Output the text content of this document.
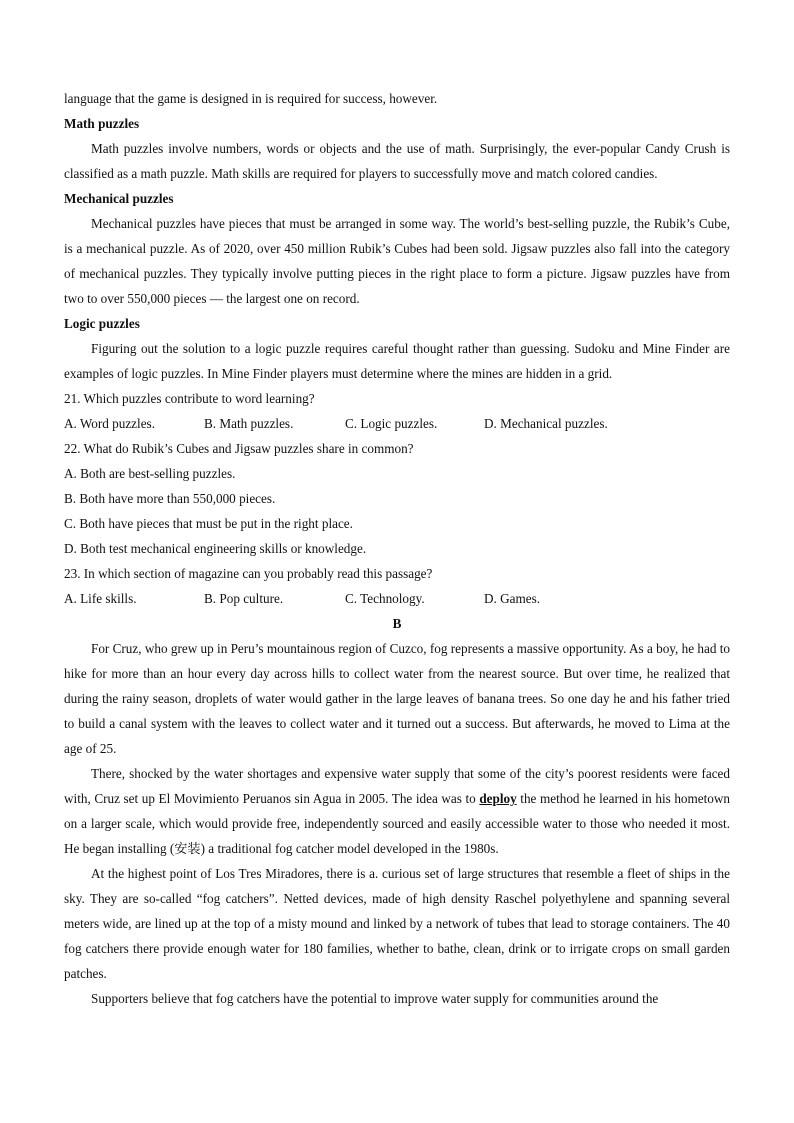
language that the game is designed in is required for success, however.
Math puzzles
Math puzzles involve numbers, words or objects and the use of math. Surprisingly, the ever-popular Candy Crush is classified as a math puzzle. Math skills are required for players to successfully move and match colored candies.
Mechanical puzzles
Mechanical puzzles have pieces that must be arranged in some way. The world’s best-selling puzzle, the Rubik’s Cube, is a mechanical puzzle. As of 2020, over 450 million Rubik’s Cubes had been sold. Jigsaw puzzles also fall into the category of mechanical puzzles. They typically involve putting pieces in the right place to form a picture. Jigsaw puzzles have from two to over 550,000 pieces — the largest one on record.
Logic puzzles
Figuring out the solution to a logic puzzle requires careful thought rather than guessing. Sudoku and Mine Finder are examples of logic puzzles. In Mine Finder players must determine where the mines are hidden in a grid.
21. Which puzzles contribute to word learning?
A. Word puzzles.	B. Math puzzles.	C. Logic puzzles.	D. Mechanical puzzles.
22. What do Rubik’s Cubes and Jigsaw puzzles share in common?
A. Both are best-selling puzzles.
B. Both have more than 550,000 pieces.
C. Both have pieces that must be put in the right place.
D. Both test mechanical engineering skills or knowledge.
23. In which section of magazine can you probably read this passage?
A. Life skills.	B. Pop culture.	C. Technology.	D. Games.
B
For Cruz, who grew up in Peru’s mountainous region of Cuzco, fog represents a massive opportunity. As a boy, he had to hike for more than an hour every day across hills to collect water from the nearest source. But over time, he realized that during the rainy season, droplets of water would gather in the large leaves of banana trees. So one day he and his father tried to build a canal system with the leaves to collect water and it turned out a success. But afterwards, he moved to Lima at the age of 25.
There, shocked by the water shortages and expensive water supply that some of the city’s poorest residents were faced with, Cruz set up El Movimiento Peruanos sin Agua in 2005. The idea was to deploy the method he learned in his hometown on a larger scale, which would provide free, independently sourced and easily accessible water to those who needed it most. He began installing (安装) a traditional fog catcher model developed in the 1980s.
At the highest point of Los Tres Miradores, there is a. curious set of large structures that resemble a fleet of ships in the sky. They are so-called “fog catchers”. Netted devices, made of high density Raschel polyethylene and spanning several meters wide, are lined up at the top of a misty mound and linked by a network of tubes that lead to storage containers. The 40 fog catchers there provide enough water for 180 families, whether to bathe, clean, drink or to irrigate crops on small garden patches.
Supporters believe that fog catchers have the potential to improve water supply for communities around the
